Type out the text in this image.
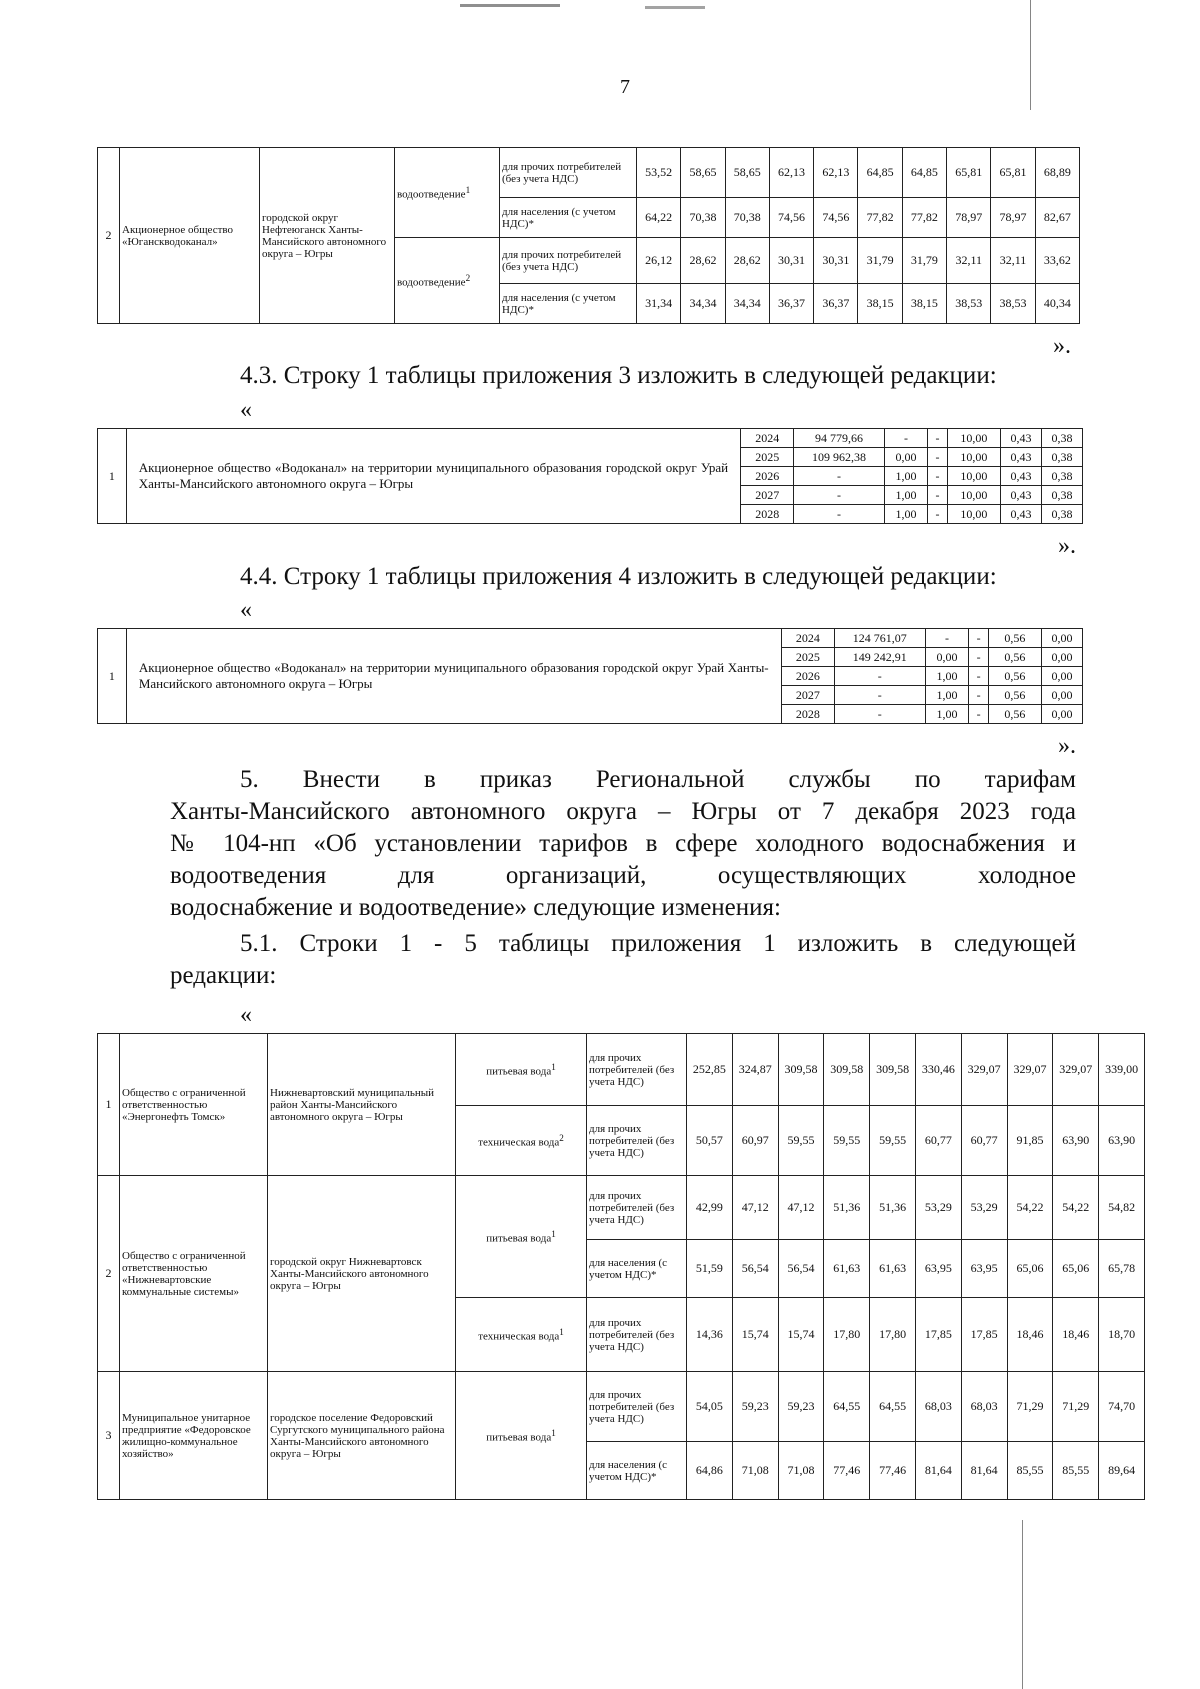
7
2	Акционерное общество «Юганскводоканал»	городской округ Нефтеюганск Ханты-Мансийского автономного округа – Югры	водоотведение$^1$	для прочих потребителей (без учета НДС)	53,52	58,65	58,65	62,13	62,13	64,85	64,85	65,81	65,81	68,89
				для населения (с учетом НДС)*	64,22	70,38	70,38	74,56	74,56	77,82	77,82	78,97	78,97	82,67
			водоотведение$^2$	для прочих потребителей (без учета НДС)	26,12	28,62	28,62	30,31	30,31	31,79	31,79	32,11	32,11	33,62
				для населения (с учетом НДС)*	31,34	34,34	34,34	36,37	36,37	38,15	38,15	38,53	38,53	40,34
».
4.3. Строку 1 таблицы приложения 3 изложить в следующей редакции:
«
1	Акционерное общество «Водоканал» на территории муниципального образования городской округ Урай Ханты-Мансийского автономного округа – Югры	2024	94 779,66	-	-	10,00	0,43	0,38
		2025	109 962,38	0,00	-	10,00	0,43	0,38
		2026	-	1,00	-	10,00	0,43	0,38
		2027	-	1,00	-	10,00	0,43	0,38
		2028	-	1,00	-	10,00	0,43	0,38
».
4.4. Строку 1 таблицы приложения 4 изложить в следующей редакции:
«
1	Акционерное общество «Водоканал» на территории муниципального образования городской округ Урай Ханты-Мансийского автономного округа – Югры	2024	124 761,07	-	-	0,56	0,00
		2025	149 242,91	0,00	-	0,56	0,00
		2026	-	1,00	-	0,56	0,00
		2027	-	1,00	-	0,56	0,00
		2028	-	1,00	-	0,56	0,00
».
5.   Внести   в   приказ   Региональной   службы   по   тарифам
Ханты-Мансийского автономного округа – Югры от 7 декабря 2023 года
№ 104-нп «Об установлении тарифов в сфере холодного водоснабжения и
водоотведения   для   организаций,   осуществляющих   холодное
водоснабжение и водоотведение» следующие изменения:
5.1. Строки 1 - 5 таблицы приложения 1 изложить в следующей
редакции:
«
1	Общество с ограниченной ответственностью «Энергонефть Томск»	Нижневартовский муниципальный район Ханты-Мансийского автономного округа – Югры	питьевая вода$^1$	для прочих потребителей (без учета НДС)	252,85	324,87	309,58	309,58	309,58	330,46	329,07	329,07	329,07	339,00
			техническая вода$^2$	для прочих потребителей (без учета НДС)	50,57	60,97	59,55	59,55	59,55	60,77	60,77	91,85	63,90	63,90
2	Общество с ограниченной ответственностью «Нижневартовские коммунальные системы»	городской округ Нижневартовск Ханты-Мансийского автономного округа – Югры	питьевая вода$^1$	для прочих потребителей (без учета НДС)	42,99	47,12	47,12	51,36	51,36	53,29	53,29	54,22	54,22	54,82
				для населения (с учетом НДС)*	51,59	56,54	56,54	61,63	61,63	63,95	63,95	65,06	65,06	65,78
			техническая вода$^1$	для прочих потребителей (без учета НДС)	14,36	15,74	15,74	17,80	17,80	17,85	17,85	18,46	18,46	18,70
3	Муниципальное унитарное предприятие «Федоровское жилищно-коммунальное хозяйство»	городское поселение Федоровский Сургутского муниципального района Ханты-Мансийского автономного округа – Югры	питьевая вода$^1$	для прочих потребителей (без учета НДС)	54,05	59,23	59,23	64,55	64,55	68,03	68,03	71,29	71,29	74,70
				для населения (с учетом НДС)*	64,86	71,08	71,08	77,46	77,46	81,64	81,64	85,55	85,55	89,64
